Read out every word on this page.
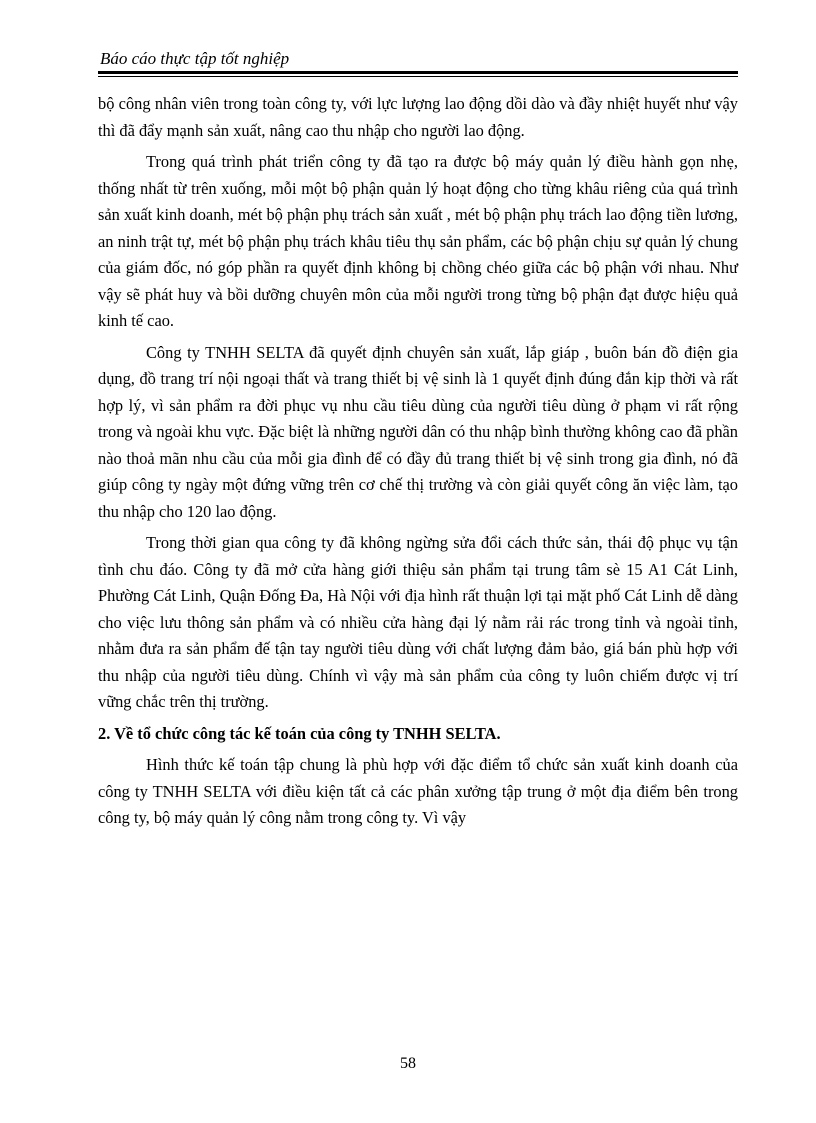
Báo cáo thực tập tốt nghiệp

bộ công nhân viên trong toàn công ty, với lực lượng lao động dồi dào và đầy nhiệt huyết như vậy thì đã đẩy mạnh sản xuất, nâng cao thu nhập cho người lao động.

Trong quá trình phát triển công ty đã tạo ra được bộ máy quản lý điều hành gọn nhẹ, thống nhất từ trên xuống, mỗi một bộ phận quản lý hoạt động cho từng khâu riêng của quá trình sản xuất kinh doanh, mét bộ phận phụ trách sản xuất , mét bộ phận phụ trách lao động tiền lương, an ninh trật tự, mét bộ phận phụ trách khâu tiêu thụ sản phẩm, các bộ phận chịu sự quản lý chung của giám đốc, nó góp phần ra quyết định không bị chồng chéo giữa các bộ phận với nhau. Như vậy sẽ phát huy và bồi dưỡng chuyên môn của mỗi người trong từng bộ phận đạt được hiệu quả kinh tế cao.

Công ty TNHH SELTA đã quyết định chuyên sản xuất, lắp giáp , buôn bán đồ điện gia dụng, đồ trang trí nội ngoại thất và trang thiết bị vệ sinh là 1 quyết định đúng đắn kịp thời và rất hợp lý, vì sản phẩm ra đời phục vụ nhu cầu tiêu dùng của người tiêu dùng ở phạm vi rất rộng trong và ngoài khu vực. Đặc biệt là những người dân có thu nhập bình thường không cao đã phần nào thoả mãn nhu cầu của mỗi gia đình để có đầy đủ trang thiết bị vệ sinh trong gia đình, nó đã giúp công ty ngày một đứng vững trên cơ chế thị trường và còn giải quyết công ăn việc làm, tạo thu nhập cho 120 lao động.

Trong thời gian qua công ty đã không ngừng sửa đổi cách thức sản, thái độ phục vụ tận tình chu đáo. Công ty đã mở cửa hàng giới thiệu sản phẩm tại trung tâm sè 15 A1 Cát Linh, Phường Cát Linh, Quận Đống Đa, Hà Nội với địa hình rất thuận lợi tại mặt phố Cát Linh dễ dàng cho việc lưu thông sản phẩm và có nhiều cửa hàng đại lý nằm rải rác trong tỉnh và ngoài tỉnh, nhằm đưa ra sản phẩm đế tận tay người tiêu dùng với chất lượng đảm bảo, giá bán phù hợp với thu nhập của người tiêu dùng. Chính vì vậy mà sản phẩm của công ty luôn chiếm được vị trí vững chắc trên thị trường.

2. Về tổ chức công tác kế toán của công ty TNHH SELTA.

Hình thức kế toán tập chung là phù hợp với đặc điểm tổ chức sản xuất kinh doanh của công ty TNHH SELTA với điều kiện tất cả các phân xưởng tập trung ở một địa điểm bên trong công ty, bộ máy quản lý công nằm trong công ty. Vì vậy

58
